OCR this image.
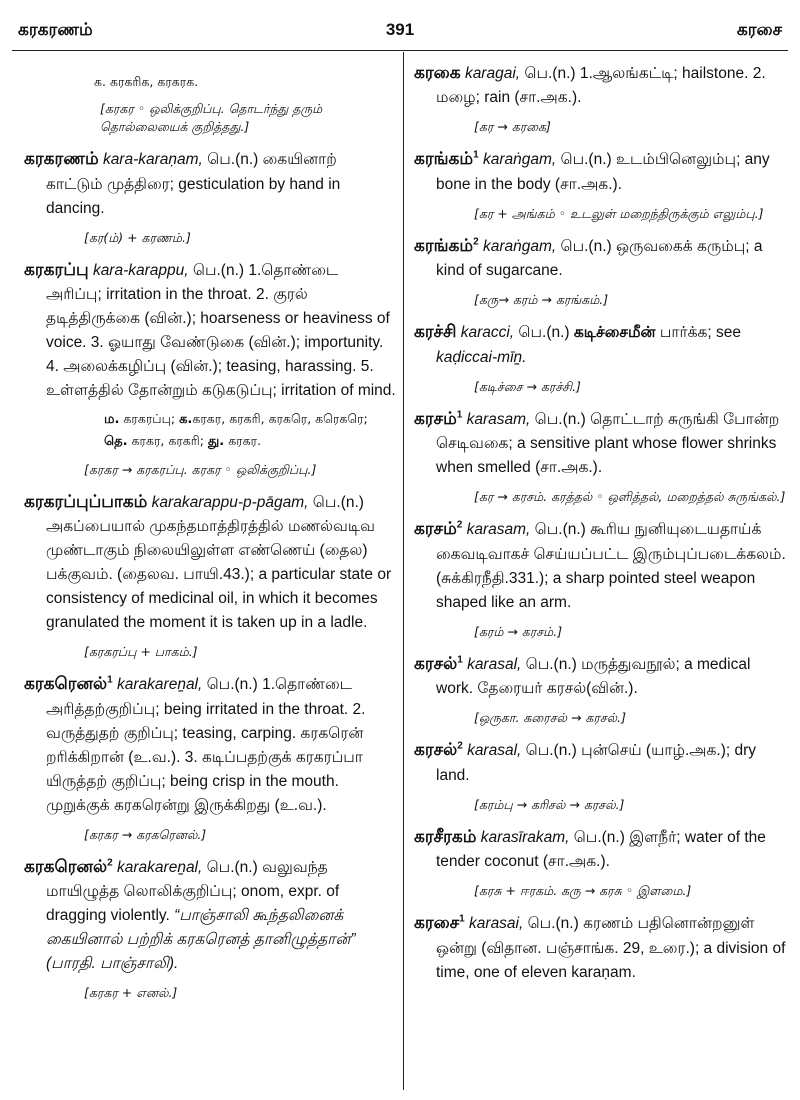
கரகரணம்	391	கரசை
க. கரகரிக, கரகரக.
[கரகர ◦ ஒலிக்குறிப்பு. தொடர்ந்து தரும் தொல்லையைக் குறித்தது.]

கரகரணம் kara-karaṇam, பெ.(n.) கையினாற் காட்டும் முத்திரை; gesticulation by hand in dancing.

[கர(ம்) + கரணம்.]

கரகரப்பு kara-karappu, பெ.(n.) 1.தொண்டை அரிப்பு; irritation in the throat. 2. குரல் தடித்திருக்கை (வின்.); hoarseness or heaviness of voice. 3. ஓயாது வேண்டுகை (வின்.); importunity. 4. அலைக்கழிப்பு (வின்.); teasing, harassing. 5. உள்ளத்தில் தோன்றும் கடுகடுப்பு; irritation of mind.

ம. கரகரப்பு; க.கரகர, கரகரி, கரகரெ, கரெகரெ;
தெ. கரகர, கரகரி; து. கரகர.
[கரகர → கரகரப்பு. கரகர ◦ ஒலிக்குறிப்பு.]

கரகரப்புப்பாகம் karakarappu-p-pāgam, பெ.(n.) அகப்பையால் முகந்தமாத்திரத்தில் மணல்வடிவ முண்டாகும் நிலையிலுள்ள எண்ணெய் (தைல) பக்குவம். (தைலவ. பாயி.43.); a particular state or consistency of medicinal oil, in which it becomes granulated the moment it is taken up in a ladle.

[கரகரப்பு + பாகம்.]

கரகரெனல்$^1$ karakareṉal, பெ.(n.) 1.தொண்டை அரித்தற்குறிப்பு; being irritated in the throat. 2. வருத்துதற் குறிப்பு; teasing, carping. கரகரென் றரிக்கிறான் (உ.வ.). 3. கடிப்பதற்குக் கரகரப்பா யிருத்தற் குறிப்பு; being crisp in the mouth. முறுக்குக் கரகரென்று இருக்கிறது (உ.வ.).

[கரகர → கரகரெனல்.]

கரகரெனல்$^2$ karakareṉal, பெ.(n.) வலுவந்த மாயிழுத்த லொலிக்குறிப்பு; onom, expr. of dragging violently. “பாஞ்சாலி கூந்தலினைக் கையினால் பற்றிக் கரகரெனத் தானிழுத்தான்” (பாரதி. பாஞ்சாலி).

[கரகர + எனல்.]

கரகை karagai, பெ.(n.) 1.ஆலங்கட்டி; hailstone. 2. மழை; rain (சா.அக.).

[கர → கரகை]

கரங்கம்$^1$ karaṅgam, பெ.(n.) உடம்பினெலும்பு; any bone in the body (சா.அக.).

[கர + அங்கம் ◦ உடலுள் மறைந்திருக்கும் எலும்பு.]

கரங்கம்$^2$ karaṅgam, பெ.(n.) ஒருவகைக் கரும்பு; a kind of sugarcane.

[கரு→ கரம் → கரங்கம்.]

கரச்சி karacci, பெ.(n.) கடிச்சைமீன் பார்க்க; see kaḍiccai-mīṉ.

[கடிச்சை → கரச்சி.]

கரசம்$^1$ karasam, பெ.(n.) தொட்டாற் சுருங்கி போன்ற செடிவகை; a sensitive plant whose flower shrinks when smelled (சா.அக.).

[கர → கரசம். கரத்தல் ◦ ஒளித்தல், மறைத்தல் சுருங்கல்.]

கரசம்$^2$ karasam, பெ.(n.) கூரிய நுனியுடையதாய்க் கைவடிவாகச் செய்யப்பட்ட இரும்புப்படைக்கலம். (சுக்கிரநீதி.331.); a sharp pointed steel weapon shaped like an arm.

[கரம் → கரசம்.]

கரசல்$^1$ karasal, பெ.(n.) மருத்துவநூல்; a medical work. தேரையர் கரசல்(வின்.).

[ஒருகா. கரைசல் → கரசல்.]

கரசல்$^2$ karasal, பெ.(n.) புன்செய் (யாழ்.அக.); dry land.

[கரம்பு → கரிசல் → கரசல்.]

கரசீரகம் karasīrakam, பெ.(n.) இளநீர்; water of the tender coconut (சா.அக.).

[கரசு + ஈரகம். கரு → கரசு ◦ இளமை.]

கரசை$^1$ karasai, பெ.(n.) கரணம் பதினொன்றனுள் ஒன்று (விதான. பஞ்சாங்க. 29, உரை.); a division of time, one of eleven karaṇam.
